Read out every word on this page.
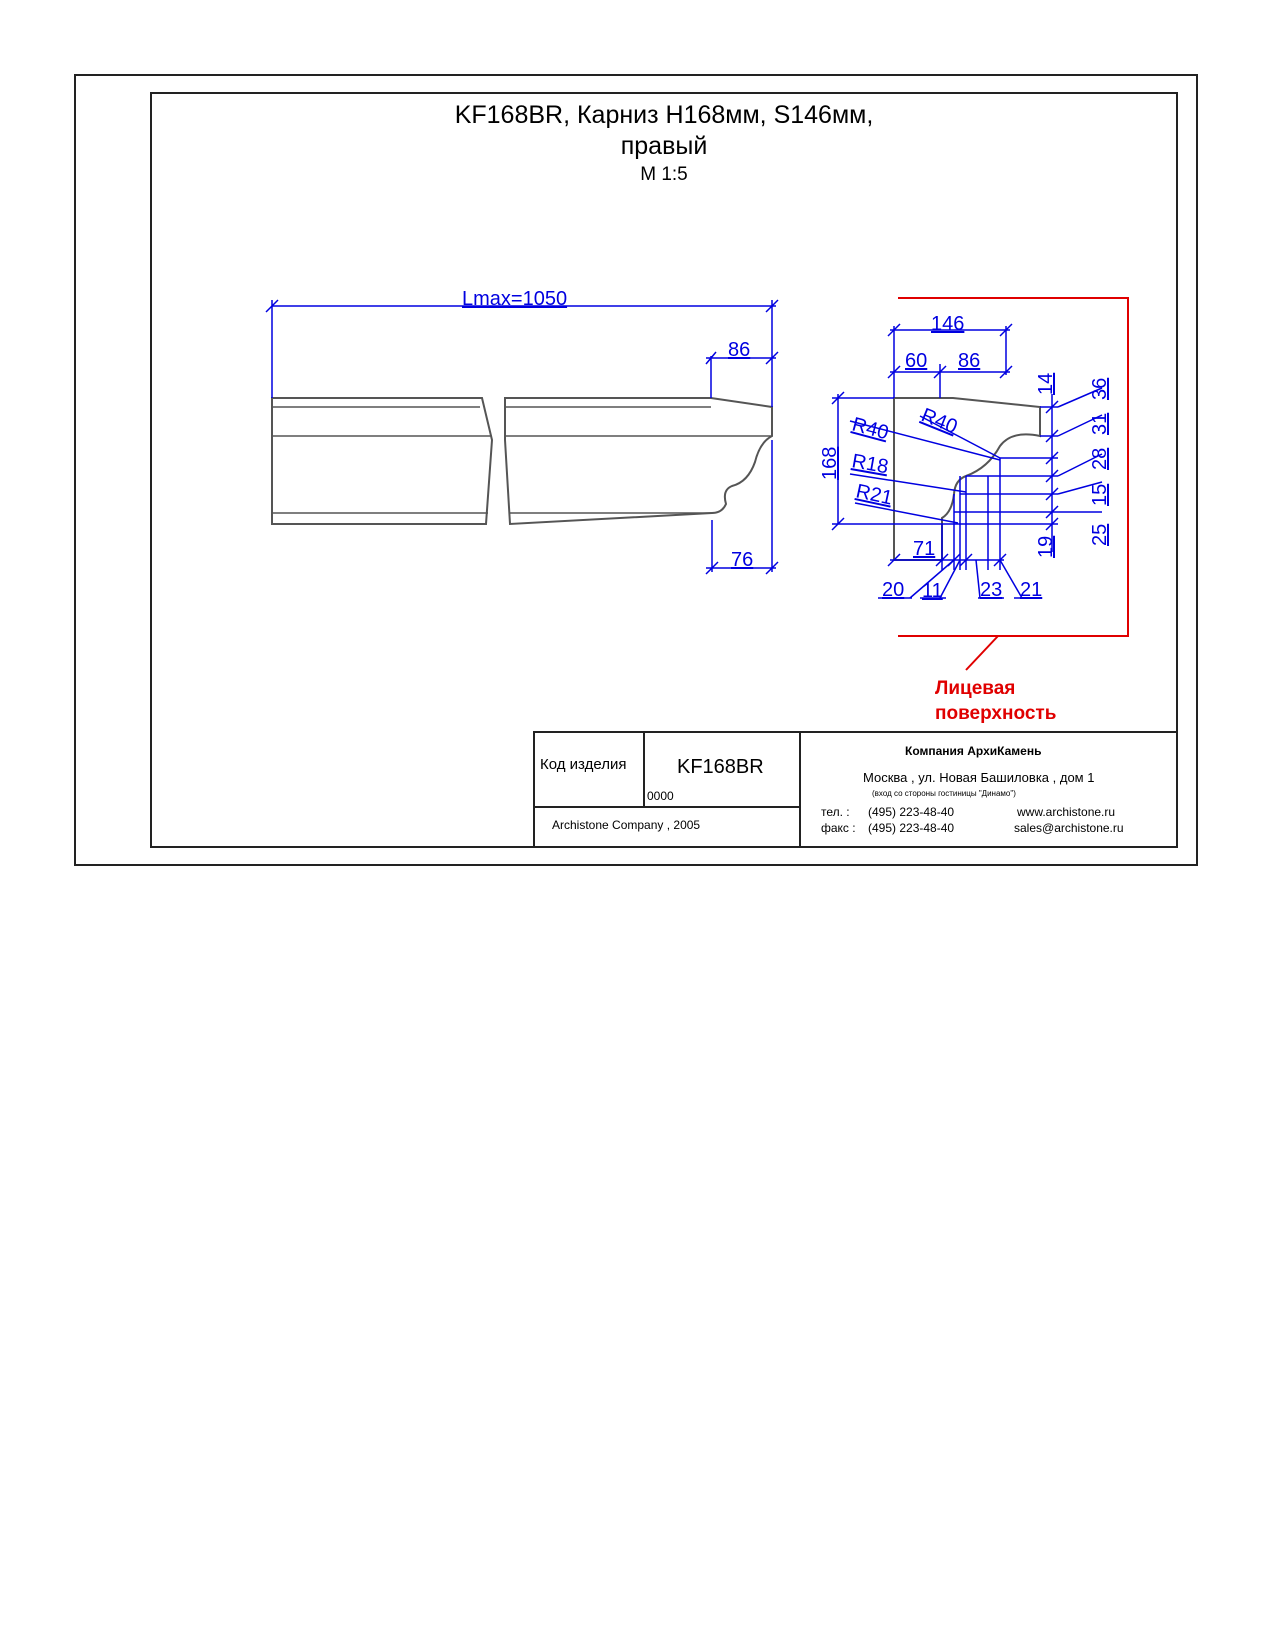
KF168BR, Карниз H168мм, S146мм,
правый
М 1:5
Lmax=1050
86
76
146
60 86
168
R40 R40
R18
R21
14 36
31
28
15
25
19
71
20 11 23 21
Лицевая
поверхность
Код изделия	KF168BR
0000
Archistone Company , 2005
Компания АрхиКамень
Москва , ул. Новая Башиловка , дом 1
(вход со стороны гостиницы "Динамо")
тел. : (495) 223-48-40
факс : (495) 223-48-40
www.archistone.ru
sales@archistone.ru
